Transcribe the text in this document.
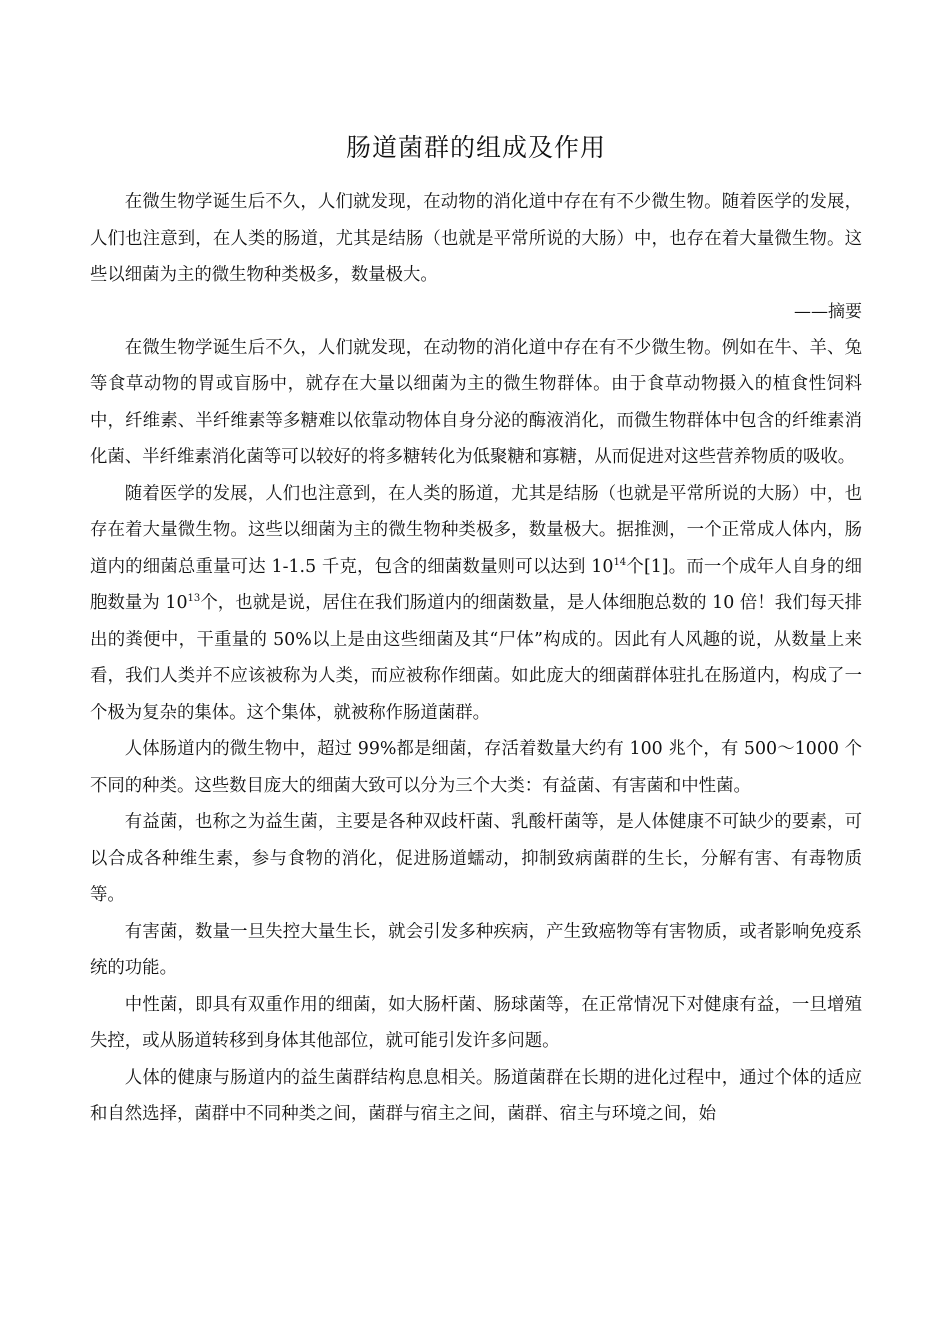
肠道菌群的组成及作用

在微生物学诞生后不久，人们就发现，在动物的消化道中存在有不少微生物。随着医学的发展，人们也注意到，在人类的肠道，尤其是结肠（也就是平常所说的大肠）中，也存在着大量微生物。这些以细菌为主的微生物种类极多，数量极大。

——摘要

在微生物学诞生后不久，人们就发现，在动物的消化道中存在有不少微生物。例如在牛、羊、兔等食草动物的胃或盲肠中，就存在大量以细菌为主的微生物群体。由于食草动物摄入的植食性饲料中，纤维素、半纤维素等多糖难以依靠动物体自身分泌的酶液消化，而微生物群体中包含的纤维素消化菌、半纤维素消化菌等可以较好的将多糖转化为低聚糖和寡糖，从而促进对这些营养物质的吸收。

随着医学的发展，人们也注意到，在人类的肠道，尤其是结肠（也就是平常所说的大肠）中，也存在着大量微生物。这些以细菌为主的微生物种类极多，数量极大。据推测，一个正常成人体内，肠道内的细菌总重量可达 1-1.5 千克，包含的细菌数量则可以达到 $10^{14}$个[1]。而一个成年人自身的细胞数量为 $10^{13}$个，也就是说，居住在我们肠道内的细菌数量，是人体细胞总数的 10 倍！我们每天排出的粪便中，干重量的 50%以上是由这些细菌及其“尸体”构成的。因此有人风趣的说，从数量上来看，我们人类并不应该被称为人类，而应被称作细菌。如此庞大的细菌群体驻扎在肠道内，构成了一个极为复杂的集体。这个集体，就被称作肠道菌群。

人体肠道内的微生物中，超过 99%都是细菌，存活着数量大约有 100 兆个，有 500～1000 个不同的种类。这些数目庞大的细菌大致可以分为三个大类：有益菌、有害菌和中性菌。

有益菌，也称之为益生菌，主要是各种双歧杆菌、乳酸杆菌等，是人体健康不可缺少的要素，可以合成各种维生素，参与食物的消化，促进肠道蠕动，抑制致病菌群的生长，分解有害、有毒物质等。

有害菌，数量一旦失控大量生长，就会引发多种疾病，产生致癌物等有害物质，或者影响免疫系统的功能。

中性菌，即具有双重作用的细菌，如大肠杆菌、肠球菌等，在正常情况下对健康有益，一旦增殖失控，或从肠道转移到身体其他部位，就可能引发许多问题。

人体的健康与肠道内的益生菌群结构息息相关。肠道菌群在长期的进化过程中，通过个体的适应和自然选择，菌群中不同种类之间，菌群与宿主之间，菌群、宿主与环境之间，始
